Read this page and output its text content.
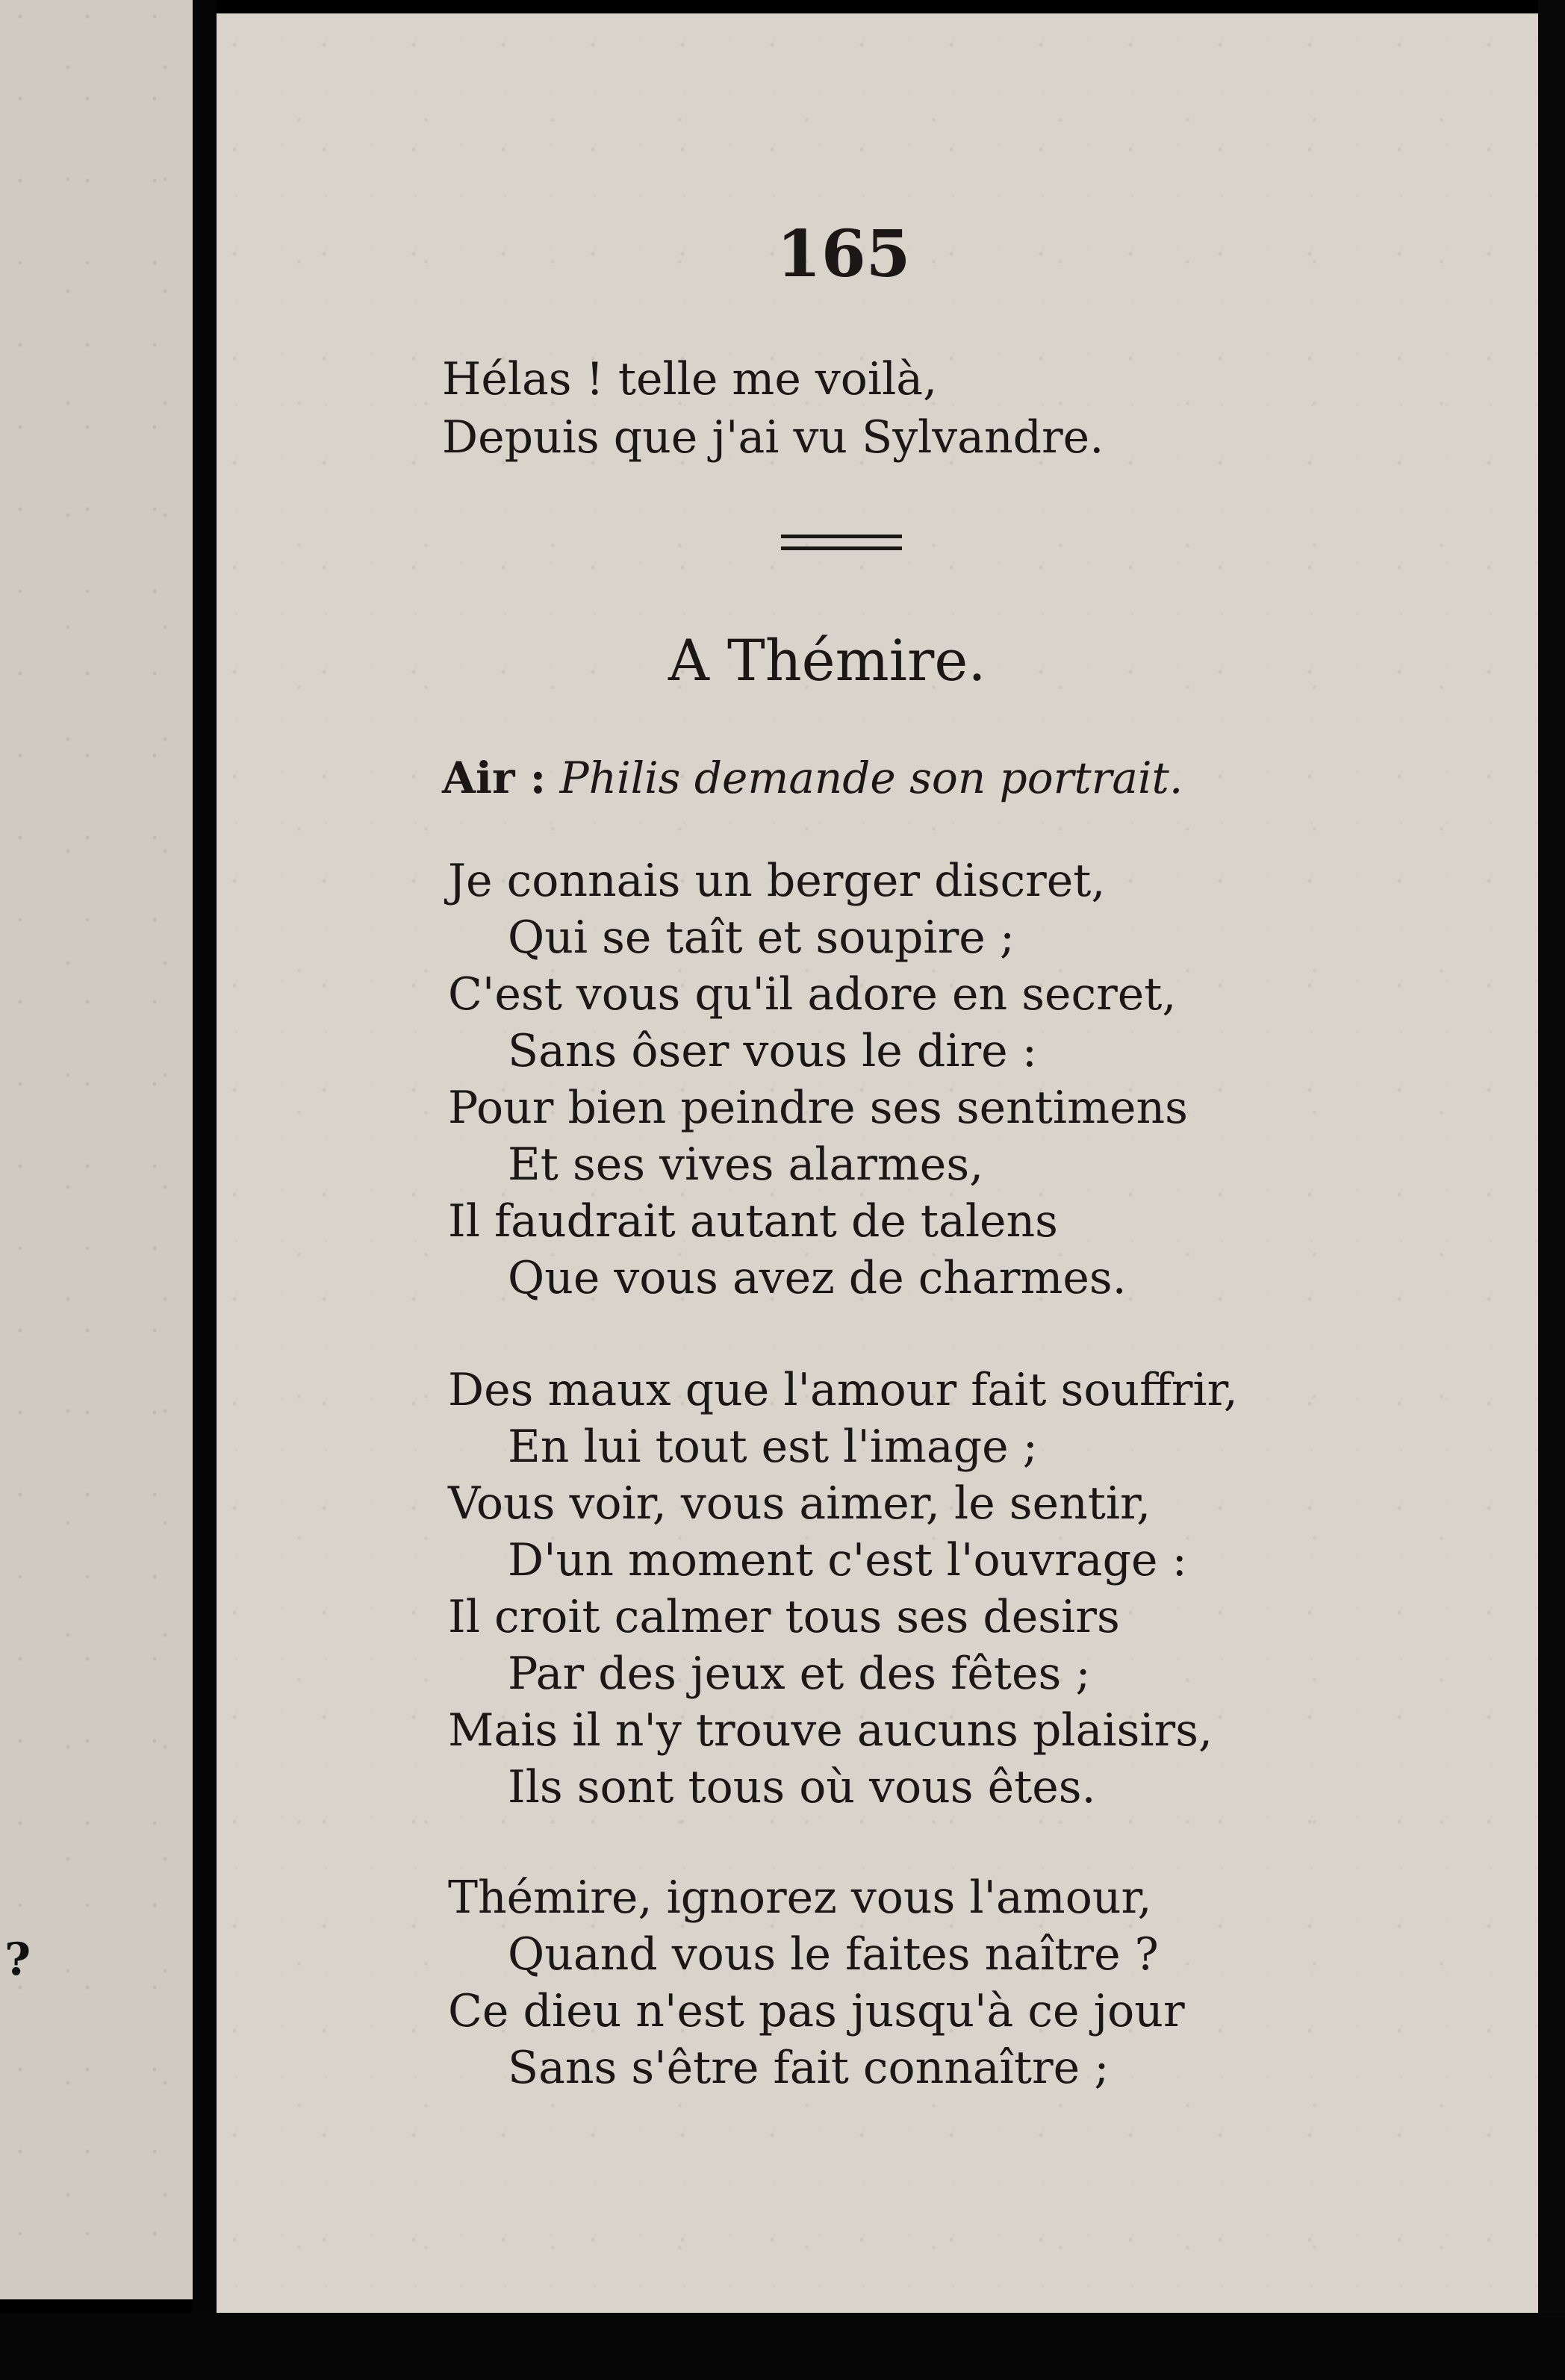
?
165
Hélas ! telle me voilà,
Depuis que j'ai vu Sylvandre.
A Thémire.
Air : Philis demande son portrait.
Je connais un berger discret,
Qui se taît et soupire ;
C'est vous qu'il adore en secret,
Sans ôser vous le dire :
Pour bien peindre ses sentimens
Et ses vives alarmes,
Il faudrait autant de talens
Que vous avez de charmes.
Des maux que l'amour fait souffrir,
En lui tout est l'image ;
Vous voir, vous aimer, le sentir,
D'un moment c'est l'ouvrage :
Il croit calmer tous ses desirs
Par des jeux et des fêtes ;
Mais il n'y trouve aucuns plaisirs,
Ils sont tous où vous êtes.
Thémire, ignorez vous l'amour,
Quand vous le faites naître ?
Ce dieu n'est pas jusqu'à ce jour
Sans s'être fait connaître ;
